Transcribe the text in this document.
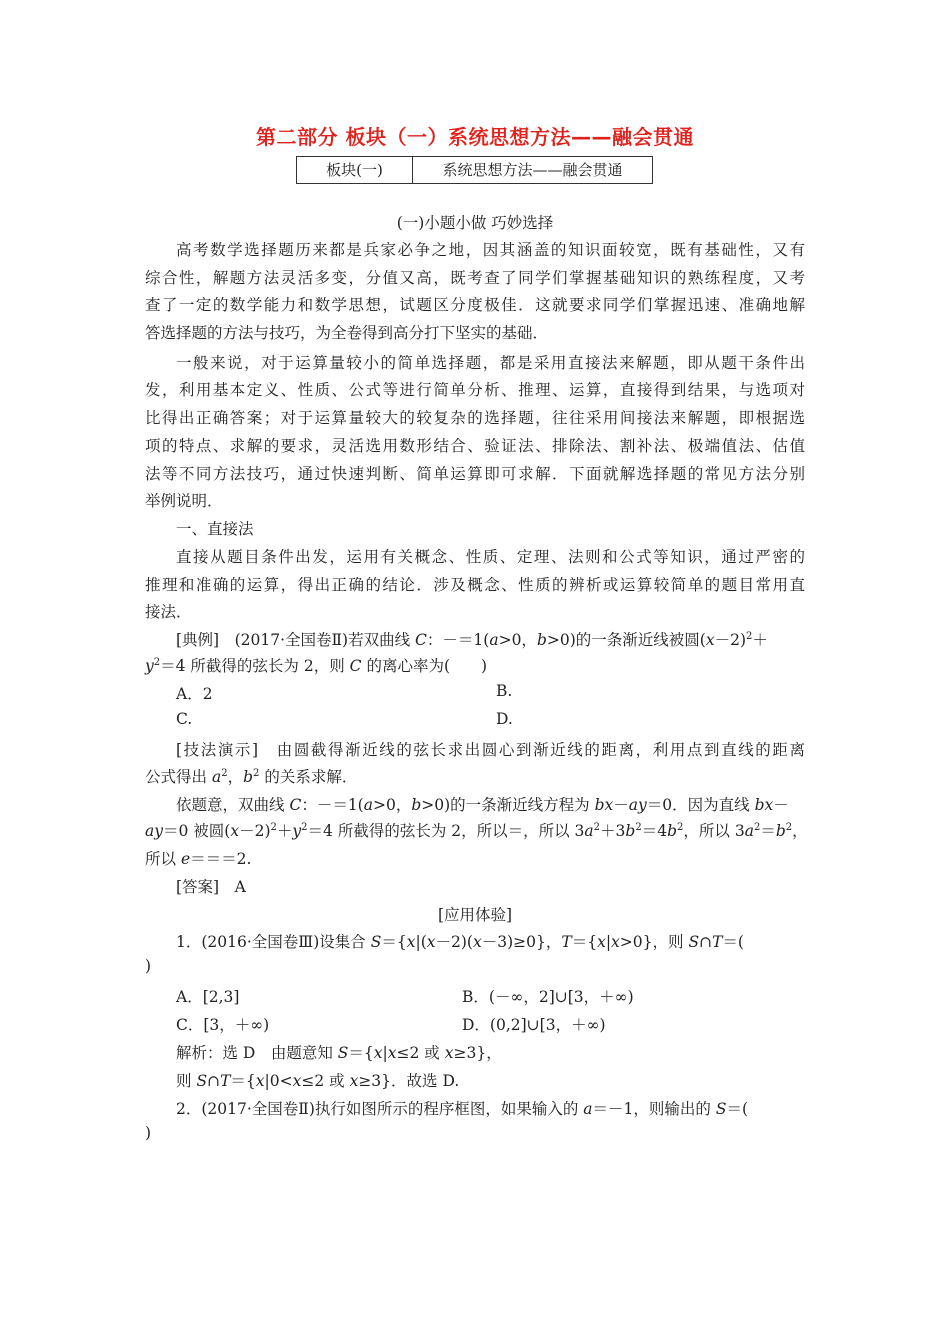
第二部分 板块（一）系统思想方法——融会贯通
板块(一)	系统思想方法——融会贯通
(一)小题小做 巧妙选择
高考数学选择题历来都是兵家必争之地，因其涵盖的知识面较宽，既有基础性，又有
综合性，解题方法灵活多变，分值又高，既考查了同学们掌握基础知识的熟练程度，又考
查了一定的数学能力和数学思想，试题区分度极佳．这就要求同学们掌握迅速、准确地解
答选择题的方法与技巧，为全卷得到高分打下坚实的基础．
一般来说，对于运算量较小的简单选择题，都是采用直接法来解题，即从题干条件出
发，利用基本定义、性质、公式等进行简单分析、推理、运算，直接得到结果，与选项对
比得出正确答案；对于运算量较大的较复杂的选择题，往往采用间接法来解题，即根据选
项的特点、求解的要求，灵活选用数形结合、验证法、排除法、割补法、极端值法、估值
法等不同方法技巧，通过快速判断、简单运算即可求解．下面就解选择题的常见方法分别
举例说明．
一、直接法
直接从题目条件出发，运用有关概念、性质、定理、法则和公式等知识，通过严密的
推理和准确的运算，得出正确的结论．涉及概念、性质的辨析或运算较简单的题目常用直
接法．
[典例]　(2017·全国卷Ⅱ)若双曲线 C：－＝1(a>0，b>0)的一条渐近线被圆$(x-2)^2+$
$y^2=4$ 所截得的弦长为 2，则 C 的离心率为(　　)
A．2	B.
C.	D.
[技法演示]　由圆截得渐近线的弦长求出圆心到渐近线的距离，利用点到直线的距离
公式得出 $a^2$，$b^2$ 的关系求解．
依题意，双曲线 C：－＝1(a>0，b>0)的一条渐近线方程为 bx－ay＝0．因为直线 bx－
ay＝0 被圆$(x-2)^2+y^2=4$ 所截得的弦长为 2，所以＝，所以 $3a^2+3b^2=4b^2$，所以 $3a^2=b^2$，
所以 e＝＝＝2.
[答案]　A
[应用体验]
1．(2016·全国卷Ⅲ)设集合 S＝{x|(x－2)(x－3)≥0}，T＝{x|x>0}，则 S∩T＝(
)
A．[2,3]	B．(－∞，2]∪[3，＋∞)
C．[3，＋∞)	D．(0,2]∪[3，＋∞)
解析：选 D　由题意知 S＝{x|x≤2 或 x≥3}，
则 S∩T＝{x|0<x≤2 或 x≥3}．故选 D.
2．(2017·全国卷Ⅱ)执行如图所示的程序框图，如果输入的 a＝－1，则输出的 S＝(
)
